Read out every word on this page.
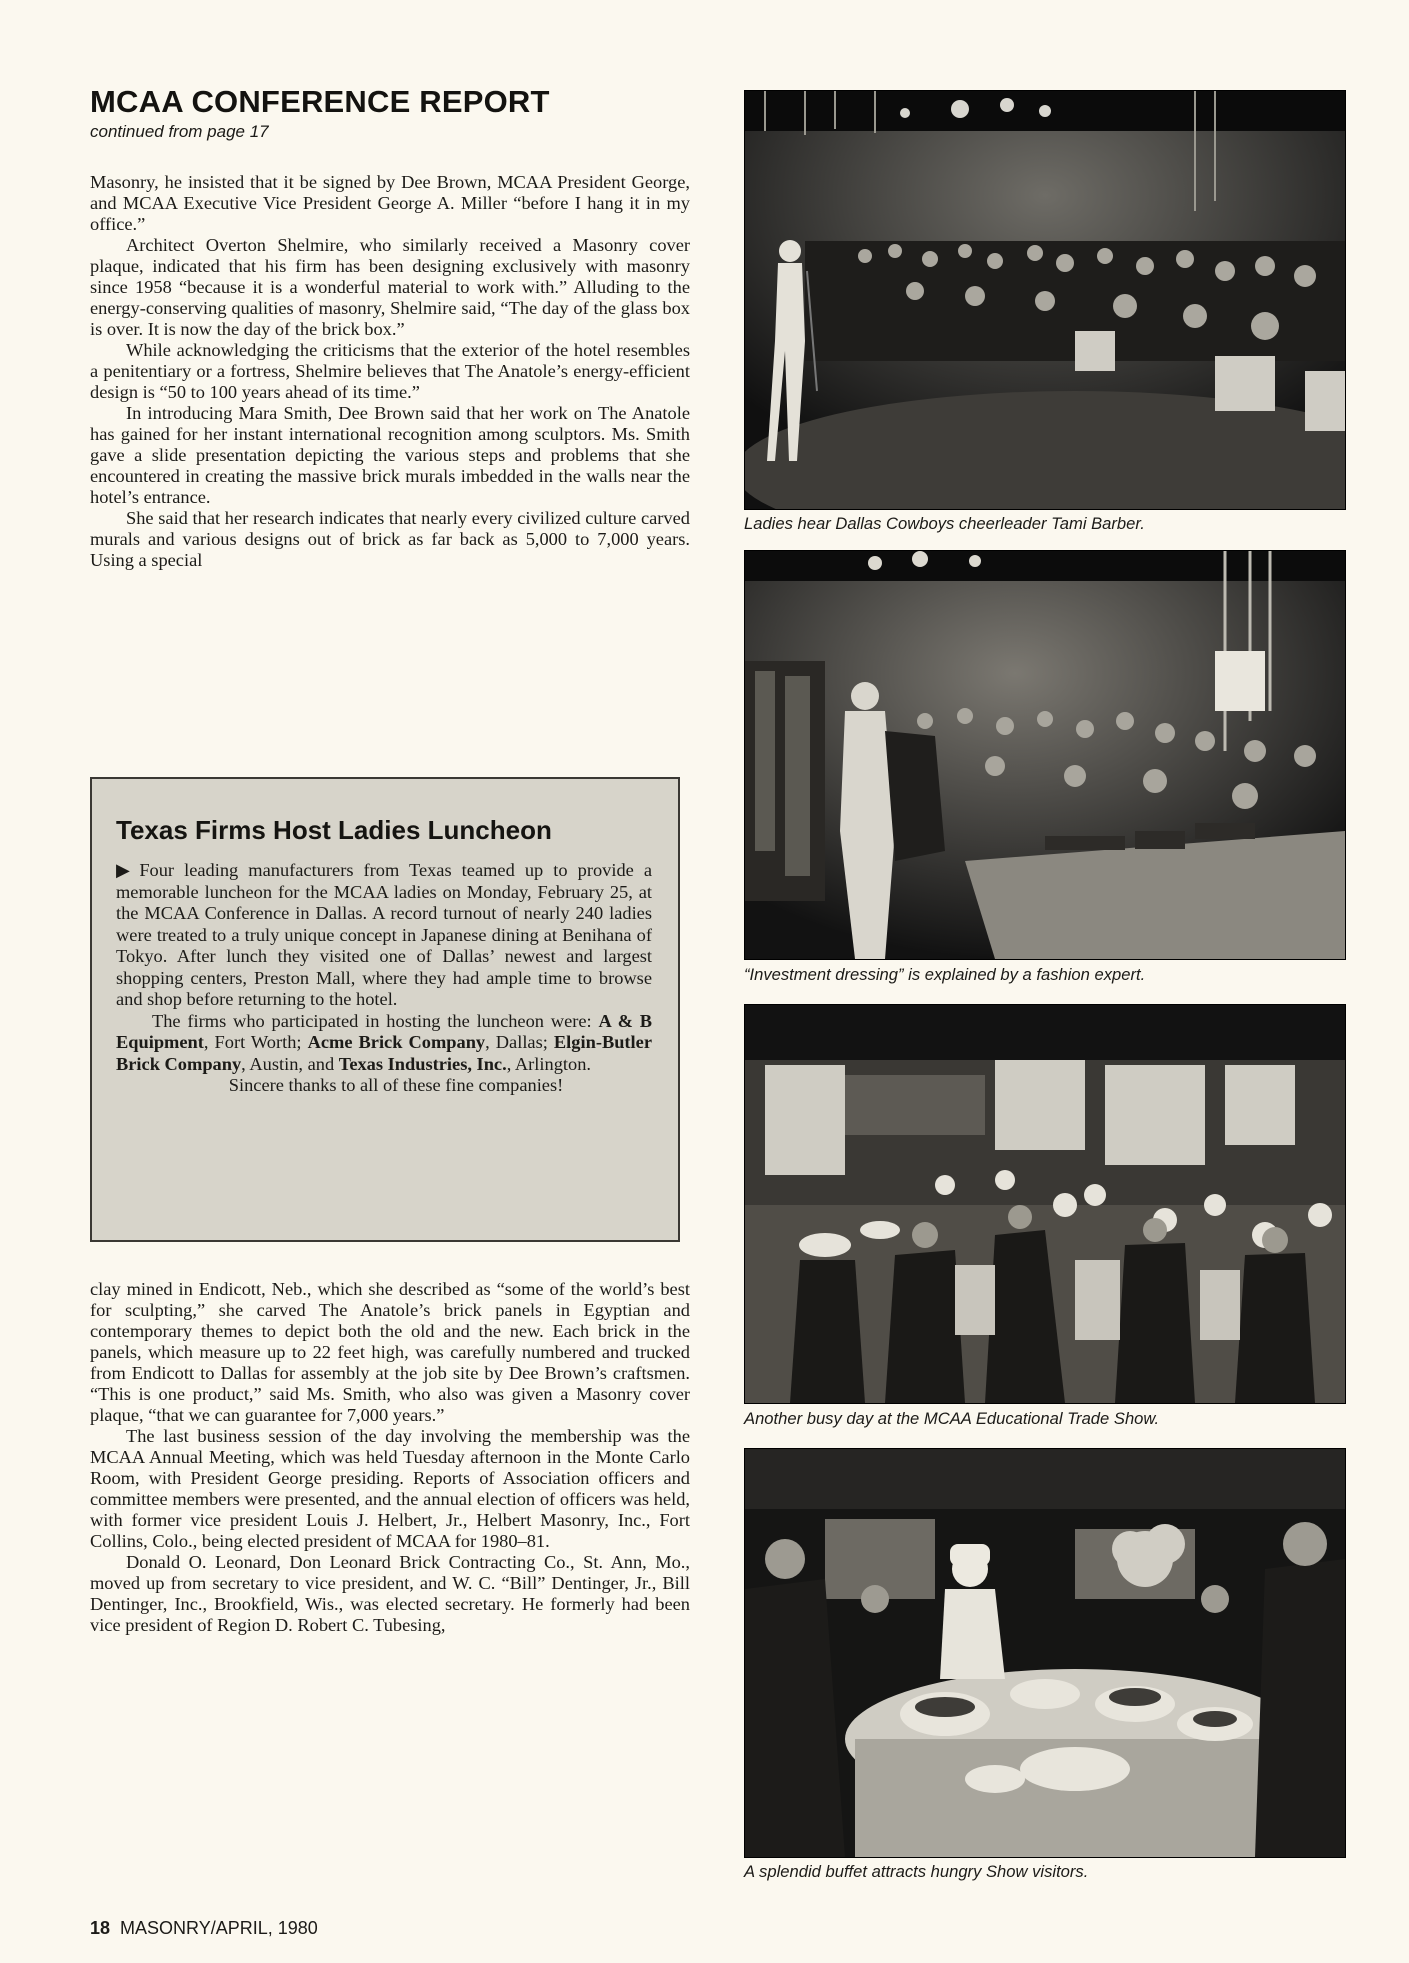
MCAA CONFERENCE REPORT
continued from page 17

Masonry, he insisted that it be signed by Dee Brown, MCAA President George, and MCAA Executive Vice President George A. Miller “before I hang it in my office.”

Architect Overton Shelmire, who similarly received a Masonry cover plaque, indicated that his firm has been designing exclusively with masonry since 1958 “because it is a wonderful material to work with.” Alluding to the energy-conserving qualities of masonry, Shelmire said, “The day of the glass box is over. It is now the day of the brick box.”

While acknowledging the criticisms that the exterior of the hotel resembles a penitentiary or a fortress, Shelmire believes that The Anatole’s energy-efficient design is “50 to 100 years ahead of its time.”

In introducing Mara Smith, Dee Brown said that her work on The Anatole has gained for her instant international recognition among sculptors. Ms. Smith gave a slide presentation depicting the various steps and problems that she encountered in creating the massive brick murals imbedded in the walls near the hotel’s entrance.

She said that her research indicates that nearly every civilized culture carved murals and various designs out of brick as far back as 5,000 to 7,000 years. Using a special

Texas Firms Host Ladies Luncheon

▶ Four leading manufacturers from Texas teamed up to provide a memorable luncheon for the MCAA ladies on Monday, February 25, at the MCAA Conference in Dallas. A record turnout of nearly 240 ladies were treated to a truly unique concept in Japanese dining at Benihana of Tokyo. After lunch they visited one of Dallas’ newest and largest shopping centers, Preston Mall, where they had ample time to browse and shop before returning to the hotel.

The firms who participated in hosting the luncheon were: A & B Equipment, Fort Worth; Acme Brick Company, Dallas; Elgin-Butler Brick Company, Austin, and Texas Industries, Inc., Arlington.

Sincere thanks to all of these fine companies!

clay mined in Endicott, Neb., which she described as “some of the world’s best for sculpting,” she carved The Anatole’s brick panels in Egyptian and contemporary themes to depict both the old and the new. Each brick in the panels, which measure up to 22 feet high, was carefully numbered and trucked from Endicott to Dallas for assembly at the job site by Dee Brown’s craftsmen. “This is one product,” said Ms. Smith, who also was given a Masonry cover plaque, “that we can guarantee for 7,000 years.”

The last business session of the day involving the membership was the MCAA Annual Meeting, which was held Tuesday afternoon in the Monte Carlo Room, with President George presiding. Reports of Association officers and committee members were presented, and the annual election of officers was held, with former vice president Louis J. Helbert, Jr., Helbert Masonry, Inc., Fort Collins, Colo., being elected president of MCAA for 1980–81.

Donald O. Leonard, Don Leonard Brick Contracting Co., St. Ann, Mo., moved up from secretary to vice president, and W. C. “Bill” Dentinger, Jr., Bill Dentinger, Inc., Brookfield, Wis., was elected secretary. He formerly had been vice president of Region D. Robert C. Tubesing,

Ladies hear Dallas Cowboys cheerleader Tami Barber.
“Investment dressing” is explained by a fashion expert.
Another busy day at the MCAA Educational Trade Show.
A splendid buffet attracts hungry Show visitors.
18 MASONRY/APRIL, 1980
